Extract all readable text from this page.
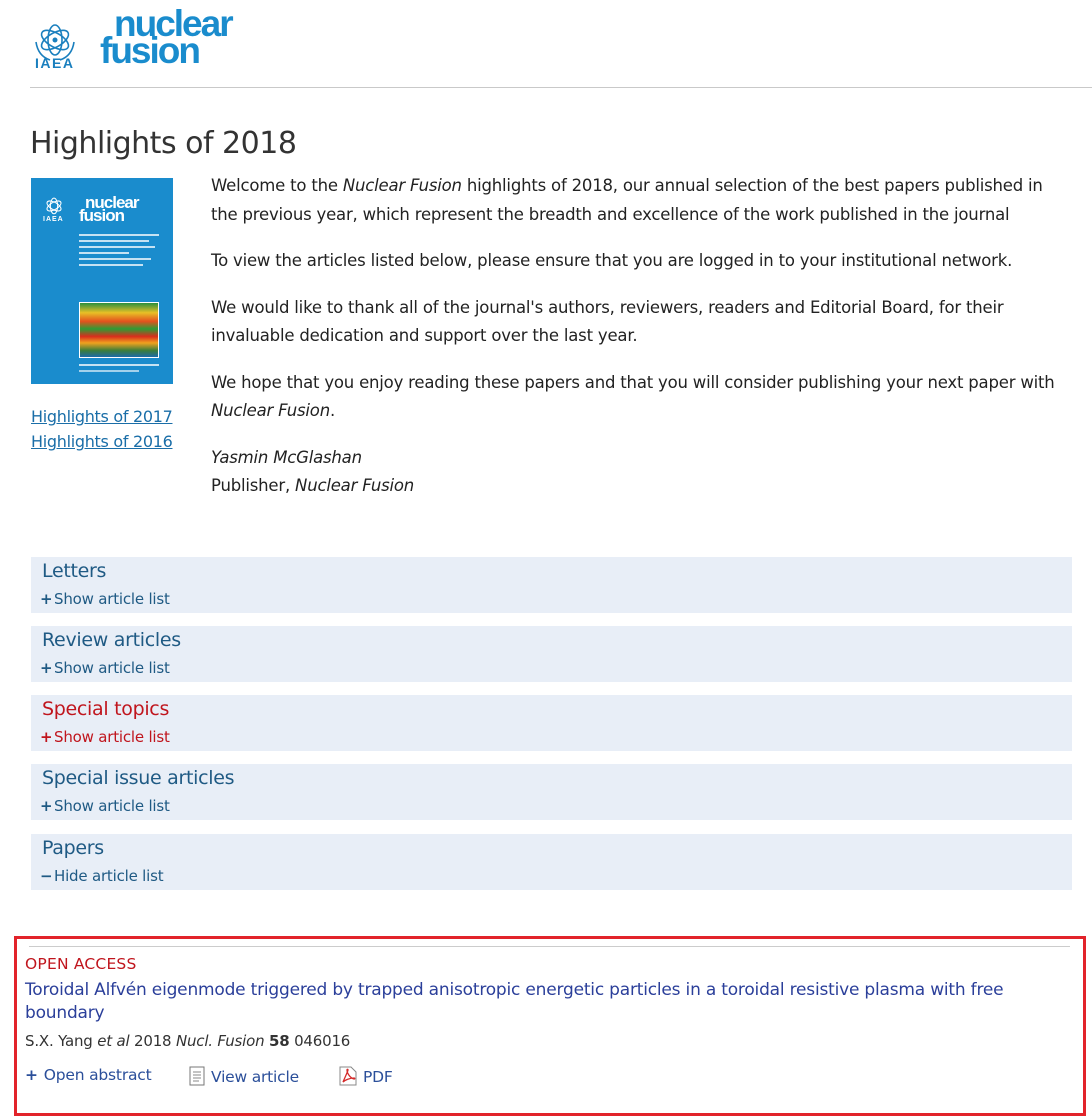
IAEA
nuclear
fusion
Highlights of 2018
IAEA
nuclear
fusion
Highlights of 2017
Highlights of 2016

Welcome to the Nuclear Fusion highlights of 2018, our annual selection of the best papers published in the previous year, which represent the breadth and excellence of the work published in the journal

To view the articles listed below, please ensure that you are logged in to your institutional network.

We would like to thank all of the journal's authors, reviewers, readers and Editorial Board, for their invaluable dedication and support over the last year.

We hope that you enjoy reading these papers and that you will consider publishing your next paper with Nuclear Fusion.

Yasmin McGlashan
Publisher, Nuclear Fusion

Letters
+ Show article list
Review articles
+ Show article list
Special topics
+ Show article list
Special issue articles
+ Show article list
Papers
− Hide article list
OPEN ACCESS
Toroidal Alfvén eigenmode triggered by trapped anisotropic energetic particles in a toroidal resistive plasma with free boundary
S.X. Yang et al 2018 Nucl. Fusion 58 046016
+ Open abstract	View article	PDF
